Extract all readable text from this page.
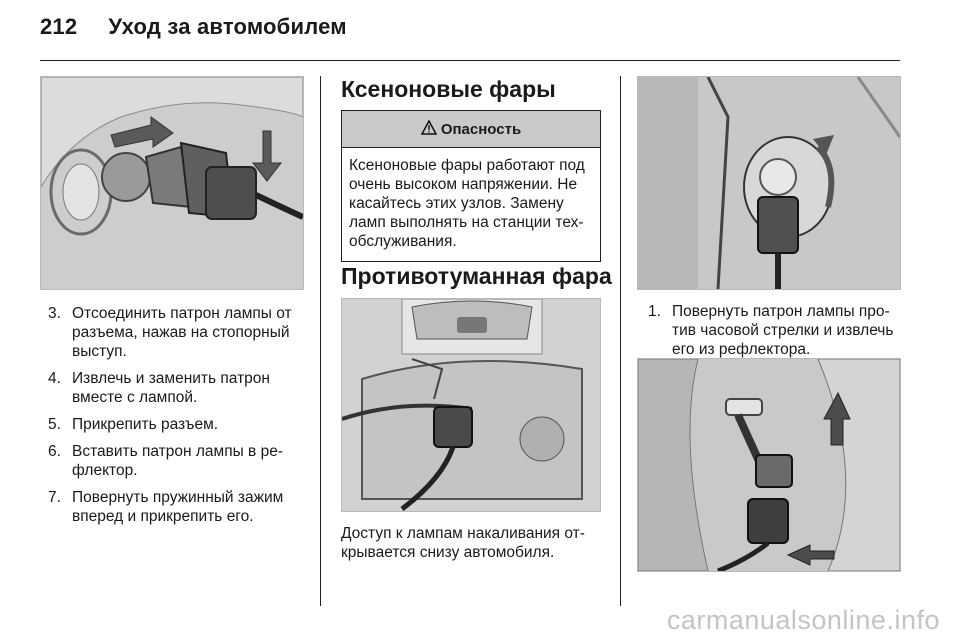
212 Уход за автомобилем
3. Отсоединить патрон лампы от разъема, нажав на стопорный выступ.
4. Извлечь и заменить патрон вместе с лампой.
5. Прикрепить разъем.
6. Вставить патрон лампы в ре-флектор.
7. Повернуть пружинный зажим вперед и прикрепить его.
Ксеноновые фары
Опасность
Ксеноновые фары работают под очень высоком напряжении. Не касайтесь этих узлов. Замену ламп выполнять на станции тех-обслуживания.
Противотуманная фара
Доступ к лампам накаливания от-крывается снизу автомобиля.
1. Повернуть патрон лампы про-тив часовой стрелки и извлечь его из рефлектора.
carmanualsonline.info
